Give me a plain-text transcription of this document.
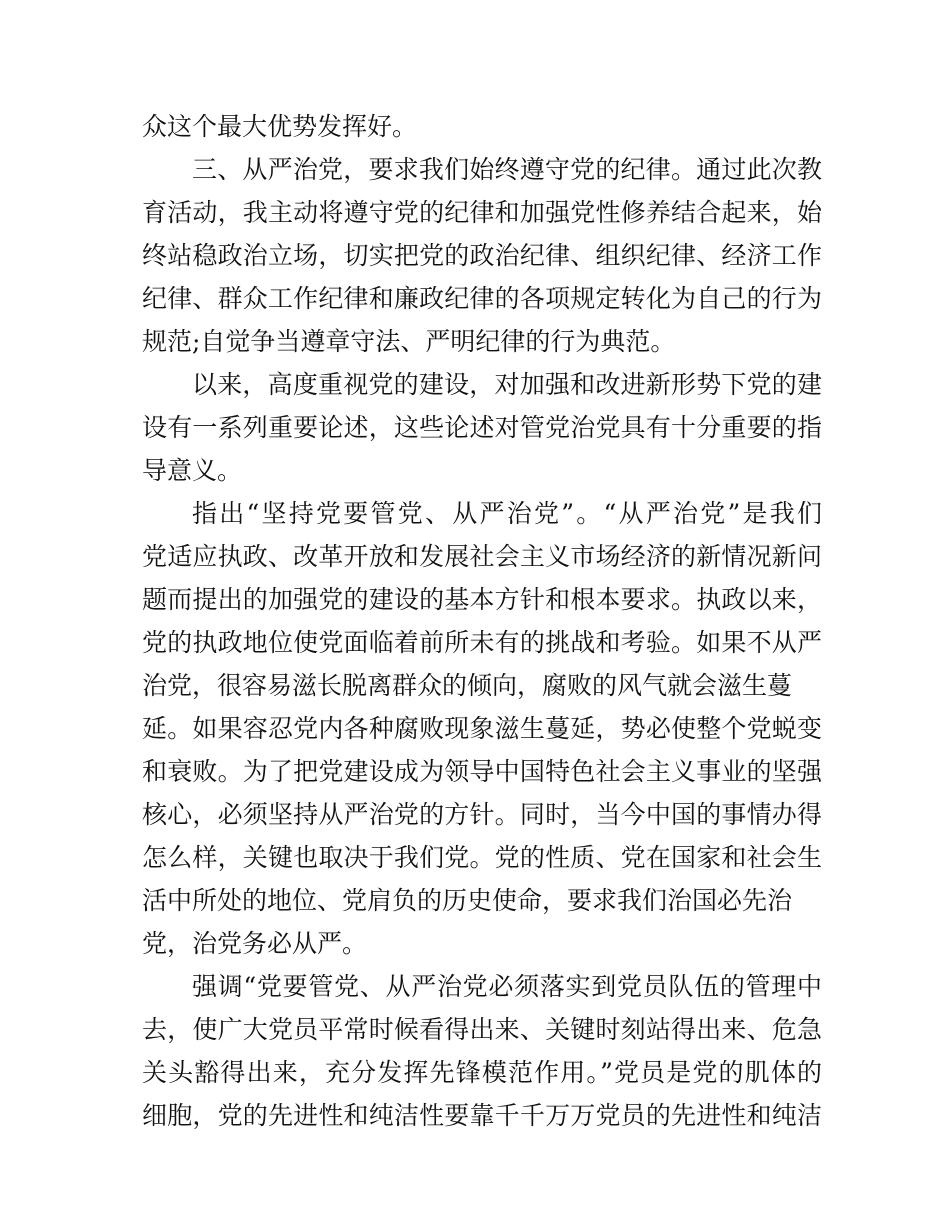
众这个最大优势发挥好。
三、从严治党，要求我们始终遵守党的纪律。通过此次教
育活动，我主动将遵守党的纪律和加强党性修养结合起来，始
终站稳政治立场，切实把党的政治纪律、组织纪律、经济工作
纪律、群众工作纪律和廉政纪律的各项规定转化为自己的行为
规范;自觉争当遵章守法、严明纪律的行为典范。
以来，高度重视党的建设，对加强和改进新形势下党的建
设有一系列重要论述，这些论述对管党治党具有十分重要的指
导意义。
指出“坚持党要管党、从严治党”。“从严治党”是我们
党适应执政、改革开放和发展社会主义市场经济的新情况新问
题而提出的加强党的建设的基本方针和根本要求。执政以来，
党的执政地位使党面临着前所未有的挑战和考验。如果不从严
治党，很容易滋长脱离群众的倾向，腐败的风气就会滋生蔓
延。如果容忍党内各种腐败现象滋生蔓延，势必使整个党蜕变
和衰败。为了把党建设成为领导中国特色社会主义事业的坚强
核心，必须坚持从严治党的方针。同时，当今中国的事情办得
怎么样，关键也取决于我们党。党的性质、党在国家和社会生
活中所处的地位、党肩负的历史使命，要求我们治国必先治
党，治党务必从严。
强调“党要管党、从严治党必须落实到党员队伍的管理中
去，使广大党员平常时候看得出来、关键时刻站得出来、危急
关头豁得出来，充分发挥先锋模范作用。”党员是党的肌体的
细胞，党的先进性和纯洁性要靠千千万万党员的先进性和纯洁
